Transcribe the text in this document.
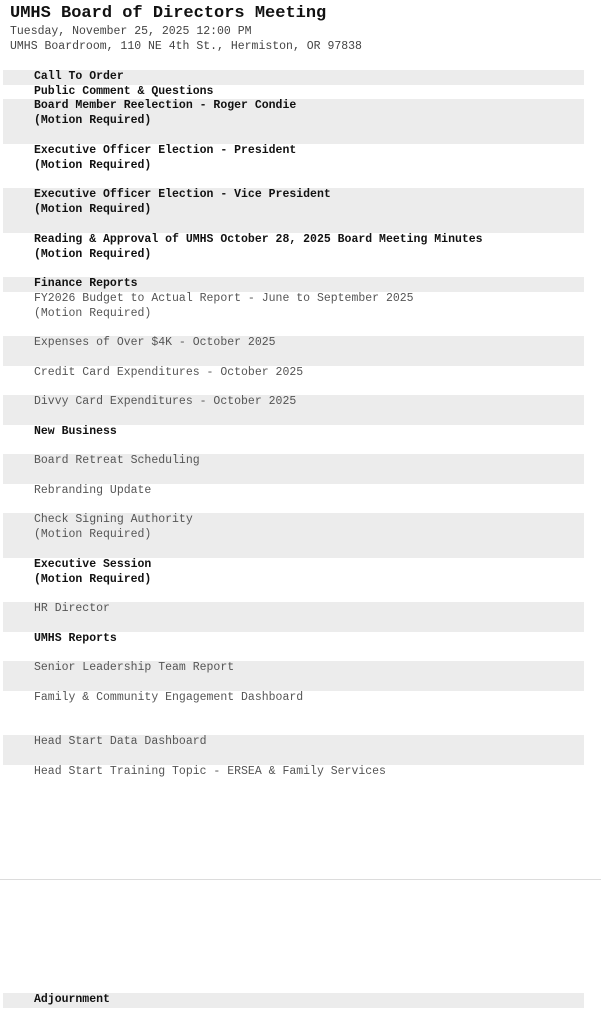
UMHS Board of Directors Meeting
Tuesday, November 25, 2025 12:00 PM
UMHS Boardroom, 110 NE 4th St., Hermiston, OR 97838
Call To Order
Public Comment & Questions
Board Member Reelection - Roger Condie
(Motion Required)
Executive Officer Election - President
(Motion Required)
Executive Officer Election - Vice President
(Motion Required)
Reading & Approval of UMHS October 28, 2025 Board Meeting Minutes
(Motion Required)
Finance Reports
FY2026 Budget to Actual Report - June to September 2025
(Motion Required)
Expenses of Over $4K - October 2025
Credit Card Expenditures - October 2025
Divvy Card Expenditures - October 2025
New Business
Board Retreat Scheduling
Rebranding Update
Check Signing Authority
(Motion Required)
Executive Session
(Motion Required)
HR Director
UMHS Reports
Senior Leadership Team Report
Family & Community Engagement Dashboard
Head Start Data Dashboard
Head Start Training Topic - ERSEA & Family Services
Adjournment
